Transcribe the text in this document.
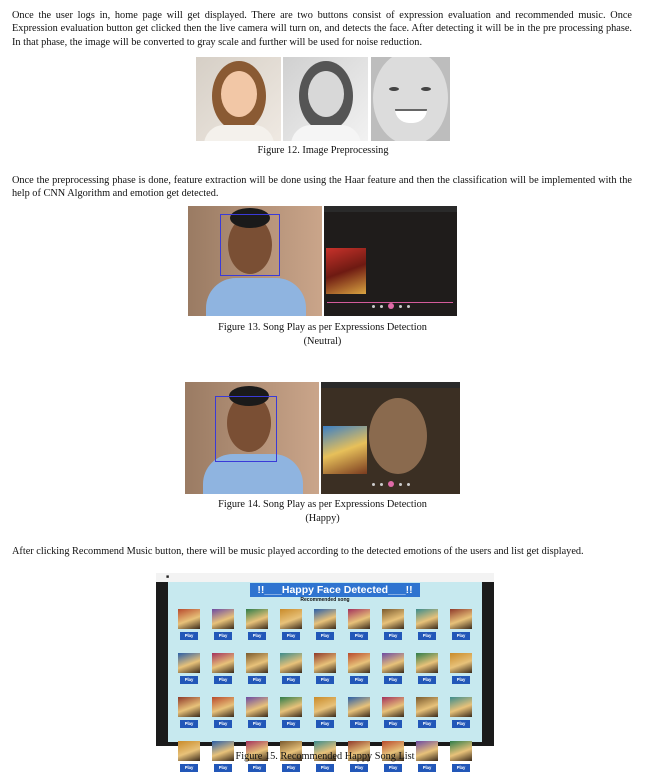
Once the user logs in, home page will get displayed. There are two buttons consist of expression evaluation and recommended music. Once Expression evaluation button get clicked then the live camera will turn on, and detects the face. After detecting it will be in the pre processing phase. In that phase, the image will be converted to gray scale and further will be used for noise reduction.

Figure 12. Image Preprocessing

Once the preprocessing phase is done, feature extraction will be done using the Haar feature and then the classification will be implemented with the help of CNN Algorithm and emotion get detected.

Figure 13. Song Play as per Expressions Detection

(Neutral)

Figure 14. Song Play as per Expressions Detection

(Happy)

After clicking Recommend Music button, there will be music played according to the detected emotions of the users and list get displayed.

■
!!___Happy Face Detected___!!
Recommended song
Play	Play	Play	Play	Play	Play	Play	Play	Play
Play	Play	Play	Play	Play	Play	Play	Play	Play
Play	Play	Play	Play	Play	Play	Play	Play	Play
Play	Play	Play	Play	Play	Play	Play	Play	Play

Figure 15. Recommended Happy Song List
